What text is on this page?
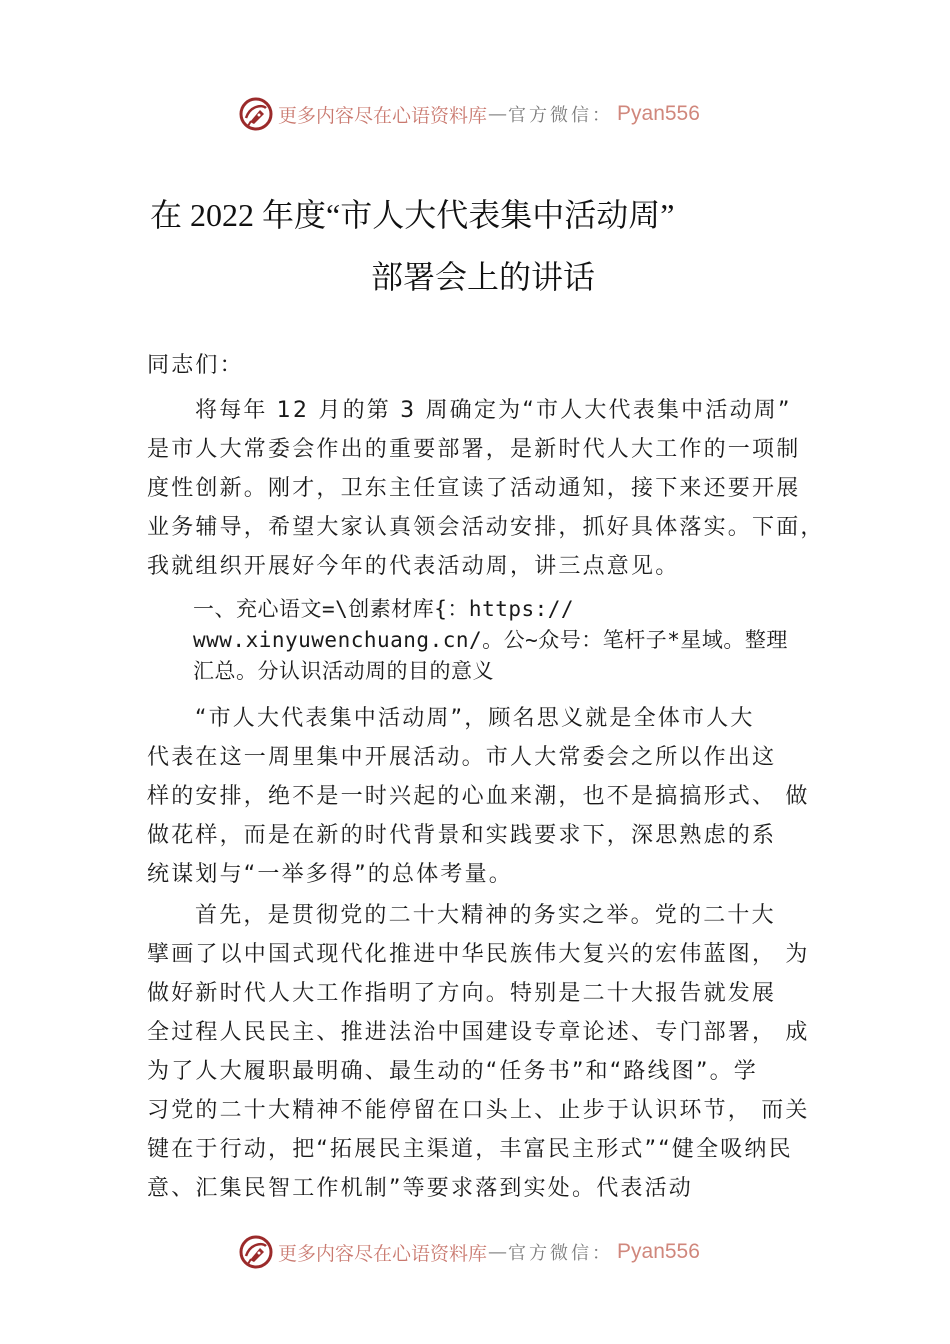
更多内容尽在心语资料库 — 官方微信： Pyan556
在 2022 年度“市人大代表集中活动周”
部署会上的讲话
同志们：
将每年 12 月的第 3 周确定为“市人大代表集中活动周”
是市人大常委会作出的重要部署，是新时代人大工作的一项制
度性创新。刚才，卫东主任宣读了活动通知，接下来还要开展
业务辅导，希望大家认真领会活动安排，抓好具体落实。下面，
我就组织开展好今年的代表活动周，讲三点意见。
一、充心语文=\创素材库{：https://
www.xinyuwenchuang.cn/。公~众号：笔杆子*星域。整理
汇总。分认识活动周的目的意义
“市人大代表集中活动周”，顾名思义就是全体市人大
代表在这一周里集中开展活动。市人大常委会之所以作出这
样的安排，绝不是一时兴起的心血来潮，也不是搞搞形式、 做
做花样，而是在新的时代背景和实践要求下，深思熟虑的系
统谋划与“一举多得”的总体考量。
首先，是贯彻党的二十大精神的务实之举。党的二十大
擘画了以中国式现代化推进中华民族伟大复兴的宏伟蓝图， 为
做好新时代人大工作指明了方向。特别是二十大报告就发展
全过程人民民主、推进法治中国建设专章论述、专门部署， 成
为了人大履职最明确、最生动的“任务书”和“路线图”。学
习党的二十大精神不能停留在口头上、止步于认识环节， 而关
键在于行动，把“拓展民主渠道，丰富民主形式”“健全吸纳民
意、汇集民智工作机制”等要求落到实处。代表活动
更多内容尽在心语资料库 — 官方微信： Pyan556
